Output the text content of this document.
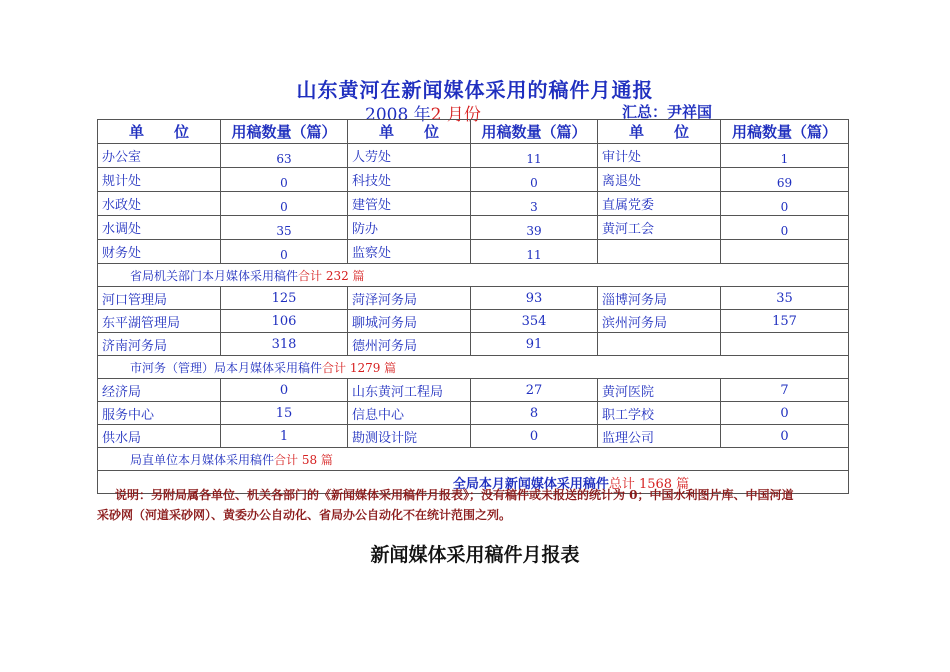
山东黄河在新闻媒体采用的稿件月通报
2008 年2 月份	汇总：尹祥国
单　　位	用稿数量（篇）	单　　位	用稿数量（篇）	单　　位	用稿数量（篇）
办公室	63	人劳处	11	审计处	1
规计处	0	科技处	0	离退处	69
水政处	0	建管处	3	直属党委	0
水调处	35	防办	39	黄河工会	0
财务处	0	监察处	11		
省局机关部门本月媒体采用稿件合计 232 篇					
河口管理局	125	菏泽河务局	93	淄博河务局	35
东平湖管理局	106	聊城河务局	354	滨州河务局	157
济南河务局	318	德州河务局	91		
市河务（管理）局本月媒体采用稿件合计 1279 篇					
经济局	0	山东黄河工程局	27	黄河医院	7
服务中心	15	信息中心	8	职工学校	0
供水局	1	勘测设计院	0	监理公司	0
局直单位本月媒体采用稿件合计 58 篇					
全局本月新闻媒体采用稿件总计 1568 篇					
说明：另附局属各单位、机关各部门的《新闻媒体采用稿件月报表》；没有稿件或未报送的统计为 0；中国水利图片库、中国河道
采砂网（河道采砂网）、黄委办公自动化、省局办公自动化不在统计范围之列。
新闻媒体采用稿件月报表
